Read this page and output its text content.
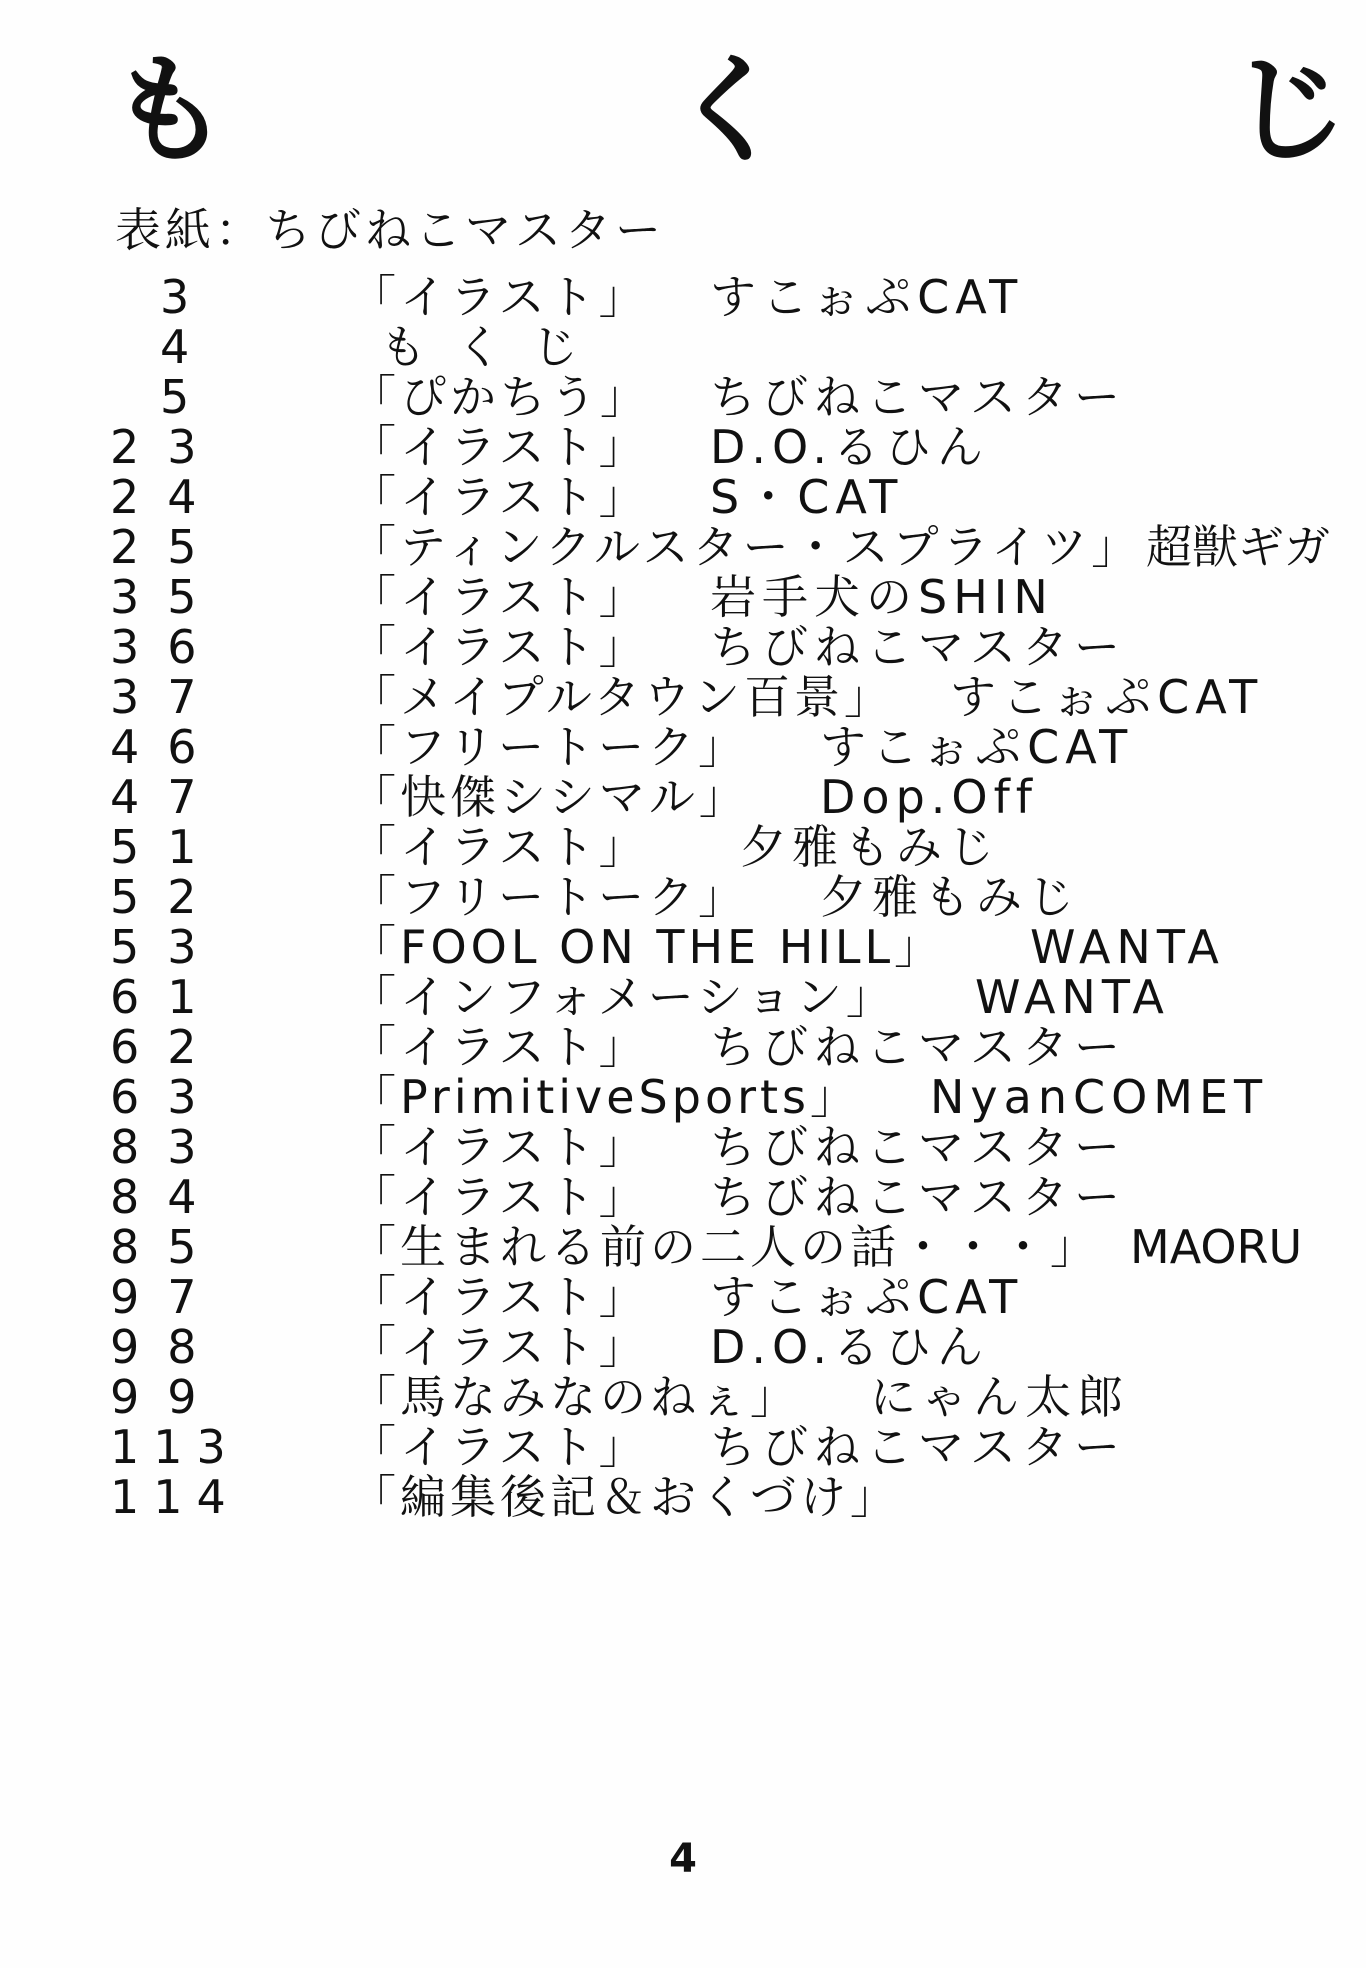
も	く	じ
表紙：ちびねこマスター
3	「イラスト」 すこぉぷCAT
4	もくじ
5	「ぴかちう」 ちびねこマスター
23	「イラスト」 D.O.るひん
24	「イラスト」 S・CAT
25	「ティンクルスター・スプライツ」 超獣ギガ
35	「イラスト」 岩手犬のSHIN
36	「イラスト」 ちびねこマスター
37	「メイプルタウン百景」 すこぉぷCAT
46	「フリートーク」 すこぉぷCAT
47	「快傑シシマル」 Dop.Off
51	「イラスト」 夕雅もみじ
52	「フリートーク」 夕雅もみじ
53	「FOOL ON THE HILL」 WANTA
61	「インフォメーション」 WANTA
62	「イラスト」 ちびねこマスター
63	「PrimitiveSports」 NyanCOMET
83	「イラスト」 ちびねこマスター
84	「イラスト」 ちびねこマスター
85	「生まれる前の二人の話・・・」 MAORU
97	「イラスト」 すこぉぷCAT
98	「イラスト」 D.O.るひん
99	「馬なみなのねぇ」 にゃん太郎
113	「イラスト」 ちびねこマスター
114	「編集後記＆おくづけ」
4
